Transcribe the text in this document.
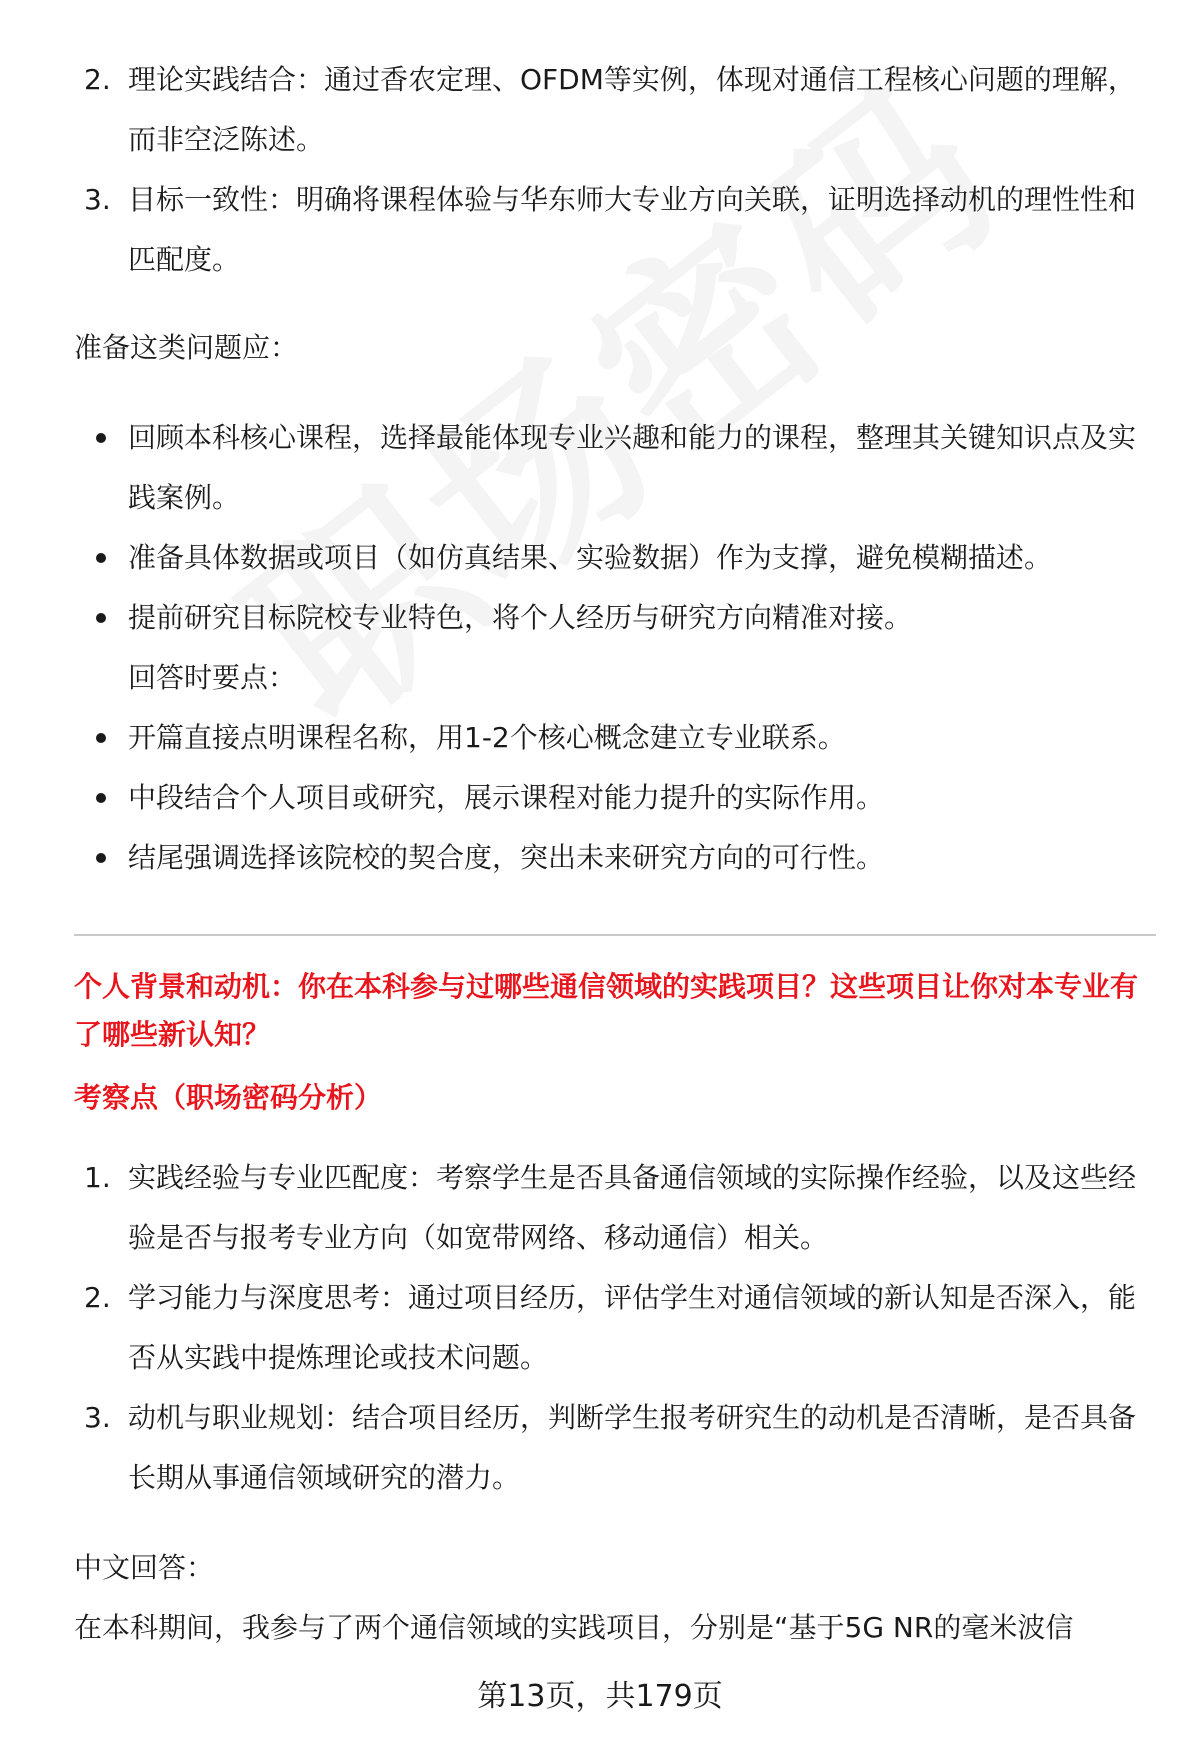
2. 理论实践结合：通过香农定理、OFDM等实例，体现对通信工程核心问题的理解，而非空泛陈述。
3. 目标一致性：明确将课程体验与华东师大专业方向关联，证明选择动机的理性性和匹配度。
准备这类问题应：
回顾本科核心课程，选择最能体现专业兴趣和能力的课程，整理其关键知识点及实践案例。
准备具体数据或项目（如仿真结果、实验数据）作为支撑，避免模糊描述。
提前研究目标院校专业特色，将个人经历与研究方向精准对接。
回答时要点：
开篇直接点明课程名称，用1-2个核心概念建立专业联系。
中段结合个人项目或研究，展示课程对能力提升的实际作用。
结尾强调选择该院校的契合度，突出未来研究方向的可行性。
个人背景和动机：你在本科参与过哪些通信领域的实践项目？这些项目让你对本专业有了哪些新认知？
考察点（职场密码分析）
1. 实践经验与专业匹配度：考察学生是否具备通信领域的实际操作经验，以及这些经验是否与报考专业方向（如宽带网络、移动通信）相关。
2. 学习能力与深度思考：通过项目经历，评估学生对通信领域的新认知是否深入，能否从实践中提炼理论或技术问题。
3. 动机与职业规划：结合项目经历，判断学生报考研究生的动机是否清晰，是否具备长期从事通信领域研究的潜力。
中文回答：
在本科期间，我参与了两个通信领域的实践项目，分别是“基于5G NR的毫米波信
第13页，共179页
